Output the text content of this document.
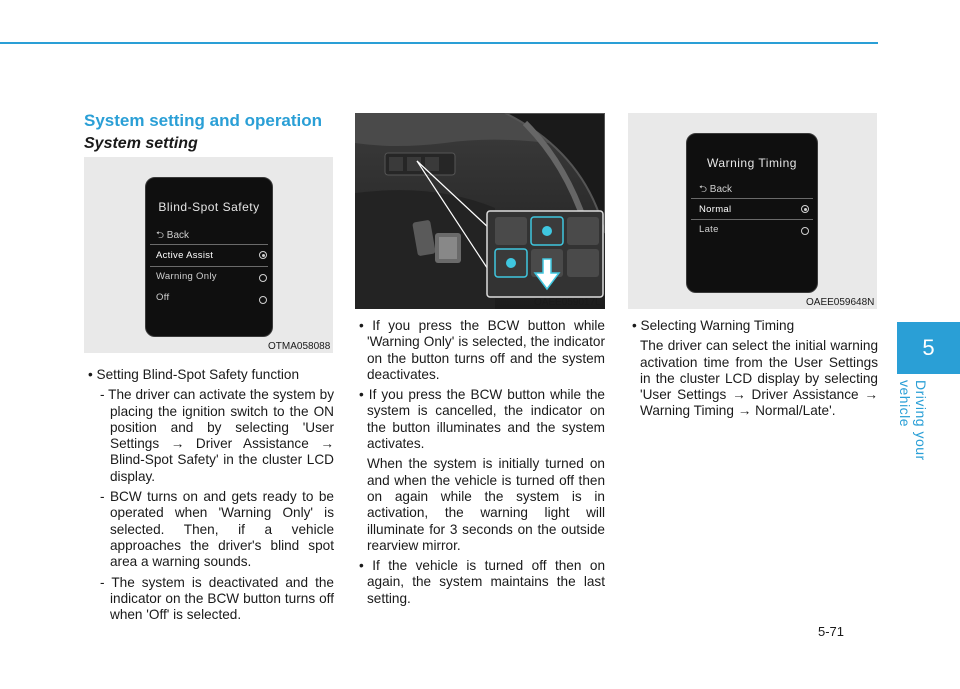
5
Driving your vehicle
System setting and operation
System setting
Blind-Spot Safety
⮌ Back
Active Assist
Warning Only
Off
OTMA058088
OAEE059017L
Warning Timing
⮌ Back
Normal
Late
OAEE059648N
• Setting Blind-Spot Safety function
- The driver can activate the system by placing the ignition switch to the ON position and by selecting 'User Settings → Driver Assistance → Blind-Spot Safety' in the cluster LCD display.
- BCW turns on and gets ready to be operated when 'Warning Only' is selected. Then, if a vehicle approaches the driver's blind spot area a warning sounds.
- The system is deactivated and the indicator on the BCW button turns off when 'Off' is selected.
• If you press the BCW button while 'Warning Only' is selected, the indicator on the button turns off and the system deactivates.
• If you press the BCW button while the system is cancelled, the indicator on the button illuminates and the system activates.
When the system is initially turned on and when the vehicle is turned off then on again while the system is in activation, the warning light will illuminate for 3 seconds on the outside rearview mirror.
• If the vehicle is turned off then on again, the system maintains the last setting.
• Selecting Warning Timing
The driver can select the initial warning activation time from the User Settings in the cluster LCD display by selecting 'User Settings → Driver Assistance → Warning Timing → Normal/Late'.
5-71
